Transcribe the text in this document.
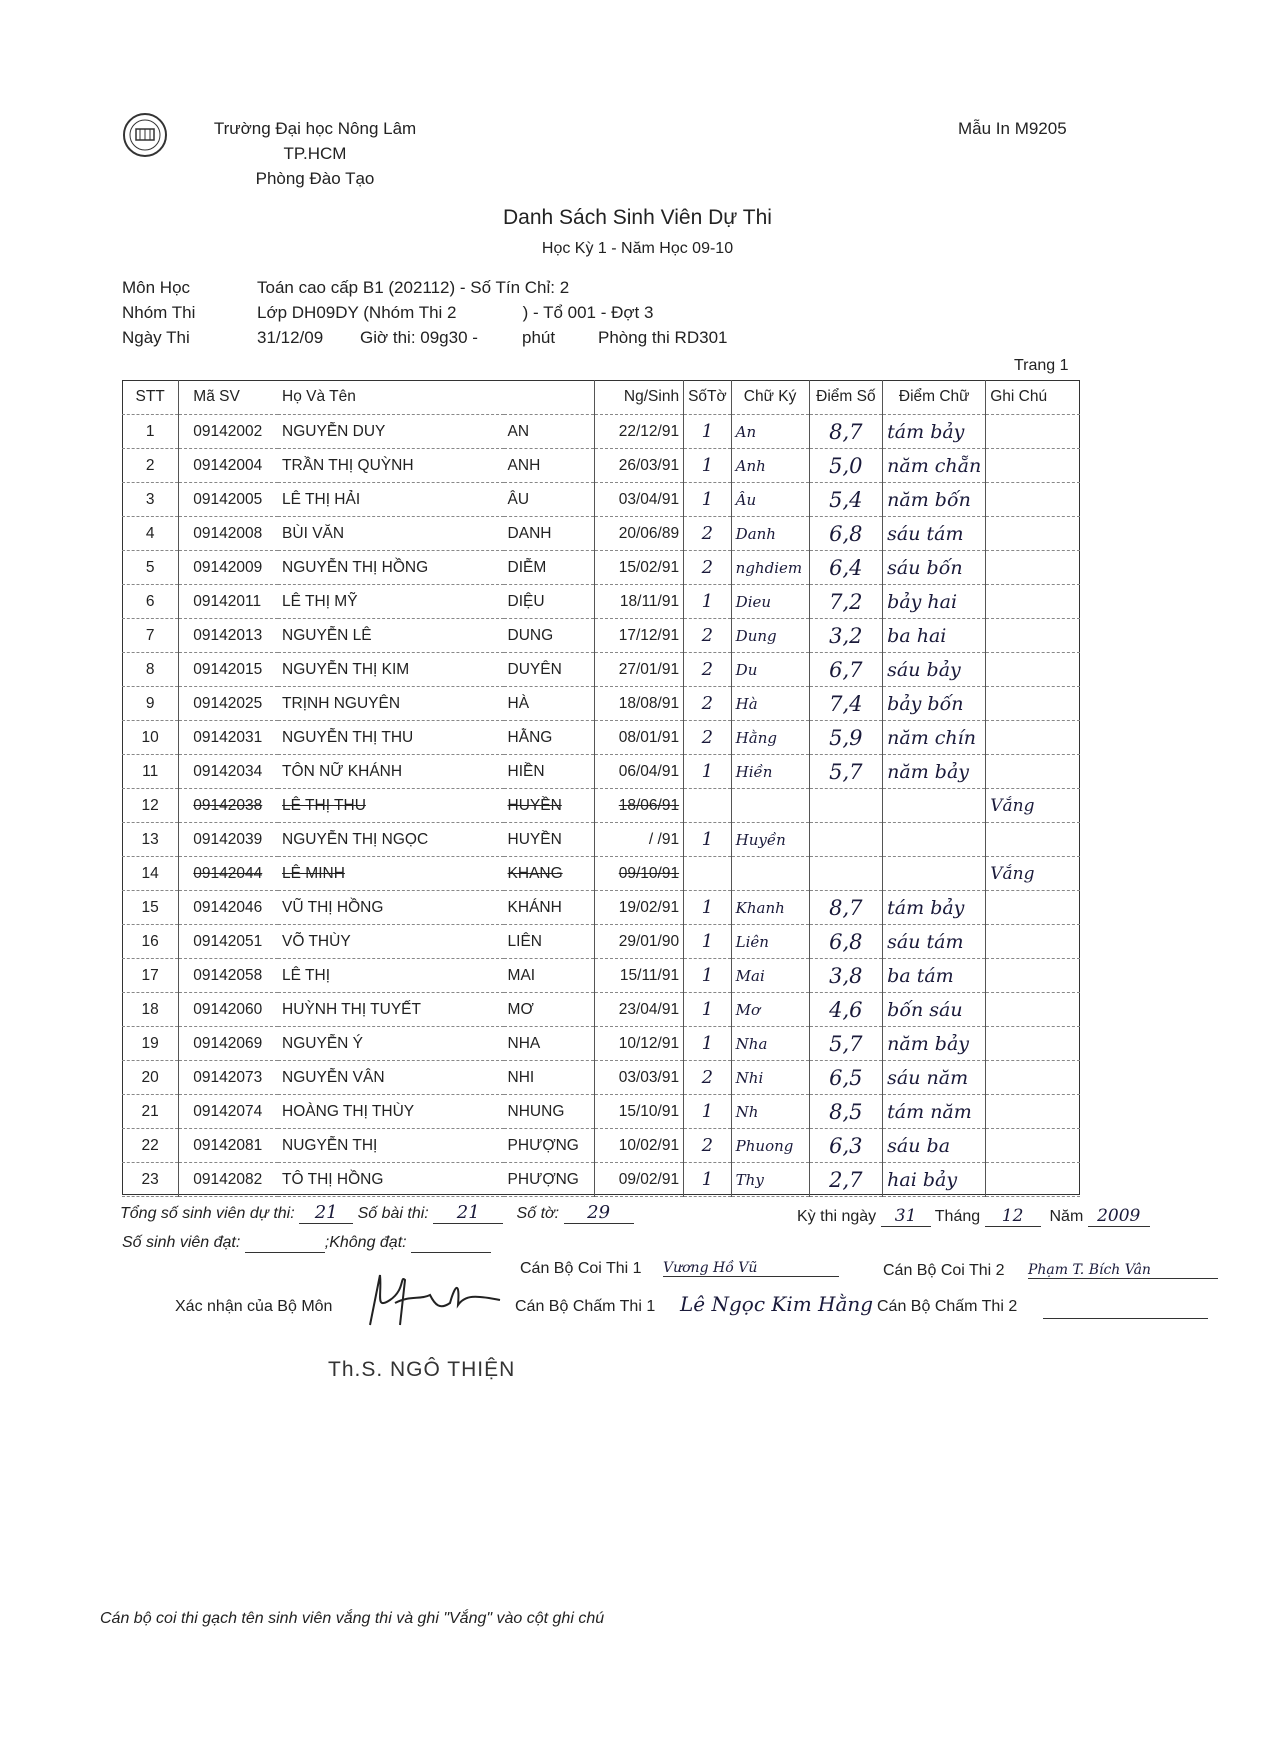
Trường Đại học Nông Lâm
TP.HCM
Phòng Đào Tạo
Mẫu In M9205
Danh Sách Sinh Viên Dự Thi
Học Kỳ 1 - Năm Học 09-10
Môn Học	Toán cao cấp B1 (202112) - Số Tín Chỉ: 2
Nhóm Thi	Lớp DH09DY (Nhóm Thi 2              ) - Tổ 001 - Đợt 3
Ngày Thi	31/12/09 Giờ thi: 09g30 -	phút	Phòng thi RD301
Trang 1
STT	Mã SV	Họ Và Tên		Ng/Sinh	SốTờ	Chữ Ký	Điểm Số	Điểm Chữ	Ghi Chú
1	09142002	NGUYỄN DUY	AN	22/12/91	1	An	8,7	tám bảy	
2	09142004	TRẦN THỊ QUỲNH	ANH	26/03/91	1	Anh	5,0	năm chẵn	
3	09142005	LÊ THỊ HẢI	ÂU	03/04/91	1	Âu	5,4	năm bốn	
4	09142008	BÙI VĂN	DANH	20/06/89	2	Danh	6,8	sáu tám	
5	09142009	NGUYỄN THỊ HỒNG	DIỄM	15/02/91	2	nghdiem	6,4	sáu bốn	
6	09142011	LÊ THỊ MỸ	DIỆU	18/11/91	1	Dieu	7,2	bảy hai	
7	09142013	NGUYỄN LÊ	DUNG	17/12/91	2	Dung	3,2	ba hai	
8	09142015	NGUYỄN THỊ KIM	DUYÊN	27/01/91	2	Du	6,7	sáu bảy	
9	09142025	TRỊNH NGUYÊN	HÀ	18/08/91	2	Hà	7,4	bảy bốn	
10	09142031	NGUYỄN THỊ THU	HẰNG	08/01/91	2	Hằng	5,9	năm chín	
11	09142034	TÔN NỮ KHÁNH	HIỀN	06/04/91	1	Hiền	5,7	năm bảy	
12	09142038	LÊ THỊ THU	HUYỀN	18/06/91					Vắng
13	09142039	NGUYỄN THỊ NGỌC	HUYỀN	/ /91	1	Huyền			
14	09142044	LÊ MINH	KHANG	09/10/91					Vắng
15	09142046	VŨ THỊ HỒNG	KHÁNH	19/02/91	1	Khanh	8,7	tám bảy	
16	09142051	VÕ THÙY	LIÊN	29/01/90	1	Liên	6,8	sáu tám	
17	09142058	LÊ THỊ	MAI	15/11/91	1	Mai	3,8	ba tám	
18	09142060	HUỲNH THỊ TUYẾT	MƠ	23/04/91	1	Mơ	4,6	bốn sáu	
19	09142069	NGUYỄN Ý	NHA	10/12/91	1	Nha	5,7	năm bảy	
20	09142073	NGUYỄN VÂN	NHI	03/03/91	2	Nhi	6,5	sáu năm	
21	09142074	HOÀNG THỊ THÙY	NHUNG	15/10/91	1	Nh	8,5	tám năm	
22	09142081	NUGYỄN THỊ	PHƯỢNG	10/02/91	2	Phuong	6,3	sáu ba	
23	09142082	TÔ THỊ HỒNG	PHƯỢNG	09/02/91	1	Thy	2,7	hai bảy	
Tổng số sinh viên dự thi: 21 Số bài thi: 21 Số tờ: 29	Kỳ thi ngày 31 Tháng 12 Năm 2009
Số sinh viên đạt:	;Không đạt:
Cán Bộ Coi Thi 1 Vương Hồ Vũ	Cán Bộ Coi Thi 2 Phạm T. Bích Vân
Xác nhận của Bộ Môn	Cán Bộ Chấm Thi 1 Lê Ngọc Kim Hằng Cán Bộ Chấm Thi 2
Th.S. NGÔ THIỆN
Cán bộ coi thi gạch tên sinh viên vắng thi và ghi "Vắng" vào cột ghi chú
